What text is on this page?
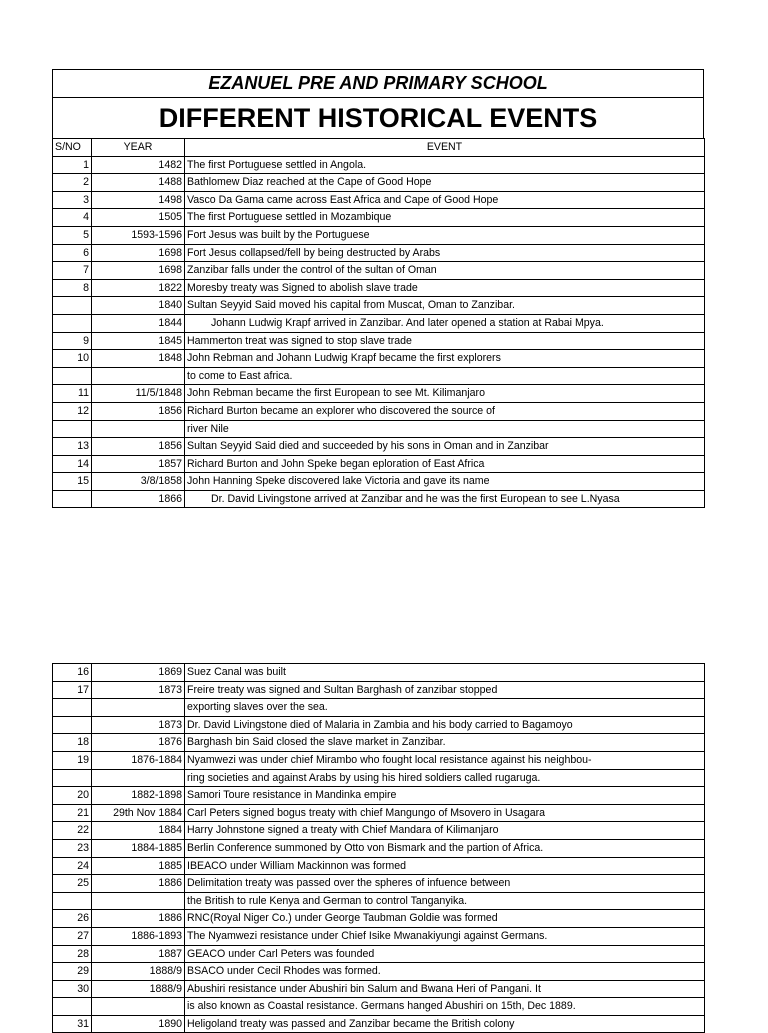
EZANUEL PRE AND PRIMARY SCHOOL
DIFFERENT HISTORICAL EVENTS
S/NO	YEAR	EVENT
1	1482	The first Portuguese settled in Angola.
2	1488	Bathlomew Diaz reached at the Cape of Good Hope
3	1498	Vasco Da Gama came across East Africa and Cape of Good Hope
4	1505	The first Portuguese settled in Mozambique
5	1593-1596	Fort Jesus was built by the Portuguese
6	1698	Fort Jesus collapsed/fell by being destructed by Arabs
7	1698	Zanzibar falls under the control of the sultan of Oman
8	1822	Moresby treaty was Signed to abolish slave trade
	1840	Sultan Seyyid Said moved his capital from Muscat, Oman to Zanzibar.
	1844	Johann Ludwig Krapf arrived in Zanzibar. And later opened a station at Rabai Mpya.
9	1845	Hammerton treat was signed to stop slave trade
10	1848	John Rebman and Johann Ludwig Krapf became the first explorers
		to come to East africa.
11	11/5/1848	John Rebman became the first European to see Mt. Kilimanjaro
12	1856	Richard Burton became an explorer who discovered the source of
		river Nile
13	1856	Sultan Seyyid Said died and succeeded by his sons in Oman and in Zanzibar
14	1857	Richard Burton and John Speke began eploration of East Africa
15	3/8/1858	John Hanning Speke discovered lake Victoria and gave its name
	1866	Dr. David Livingstone arrived at Zanzibar and he was the first European to see L.Nyasa
16	1869	Suez Canal was built
17	1873	Freire treaty was signed and Sultan Barghash of zanzibar stopped
		exporting slaves over the sea.
	1873	Dr. David Livingstone died of Malaria in Zambia and his body carried to Bagamoyo
18	1876	Barghash bin Said closed the slave market in Zanzibar.
19	1876-1884	Nyamwezi was under chief Mirambo who fought local resistance against his neighbou-
		ring societies and against Arabs by using his hired soldiers called rugaruga.
20	1882-1898	Samori Toure resistance in Mandinka empire
21	29th Nov 1884	Carl Peters signed bogus treaty with chief Mangungo of Msovero in Usagara
22	1884	Harry Johnstone signed a treaty with Chief Mandara of Kilimanjaro
23	1884-1885	Berlin Conference summoned by Otto von Bismark and the partion of Africa.
24	1885	IBEACO under William Mackinnon was formed
25	1886	Delimitation treaty was passed over the spheres of infuence between
		the British to rule Kenya and German to control Tanganyika.
26	1886	RNC(Royal Niger Co.) under George Taubman Goldie was formed
27	1886-1893	The Nyamwezi resistance under Chief Isike Mwanakiyungi against Germans.
28	1887	GEACO under Carl Peters was founded
29	1888/9	BSACO under Cecil Rhodes was formed.
30	1888/9	Abushiri resistance under Abushiri bin Salum and Bwana Heri of Pangani. It
		is also known as Coastal resistance. Germans hanged Abushiri on 15th, Dec 1889.
31	1890	Heligoland treaty was passed and Zanzibar became the British colony
